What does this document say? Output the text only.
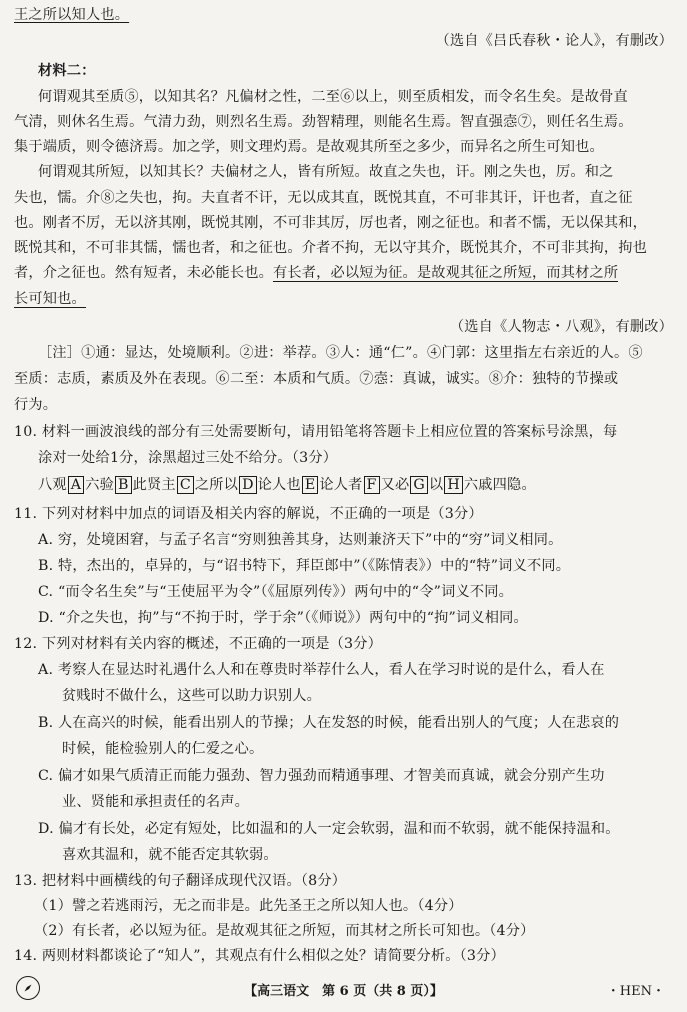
王之所以知人也。
（选自《吕氏春秋・论人》，有删改）
材料二：
何谓观其至质⑤，以知其名？凡偏材之性，二至⑥以上，则至质相发，而令名生矣。是故骨直
气清，则休名生焉。气清力劲，则烈名生焉。劲智精理，则能名生焉。智直强悫⑦，则任名生焉。
集于端质，则令德济焉。加之学，则文理灼焉。是故观其所至之多少，而异名之所生可知也。
何谓观其所短，以知其长？夫偏材之人，皆有所短。故直之失也，讦。刚之失也，厉。和之
失也，懦。介⑧之失也，拘。夫直者不讦，无以成其直，既悦其直，不可非其讦，讦也者，直之征
也。刚者不厉，无以济其刚，既悦其刚，不可非其厉，厉也者，刚之征也。和者不懦，无以保其和，
既悦其和，不可非其懦，懦也者，和之征也。介者不拘，无以守其介，既悦其介，不可非其拘，拘也
者，介之征也。然有短者，未必能长也。有长者，必以短为征。是故观其征之所短，而其材之所
长可知也。
（选自《人物志・八观》，有删改）
［注］①通：显达，处境顺利。②进：举荐。③人：通“仁”。④门郭：这里指左右亲近的人。⑤
至质：志质，素质及外在表现。⑥二至：本质和气质。⑦悫：真诚，诚实。⑧介：独特的节操或
行为。
10. 材料一画波浪线的部分有三处需要断句，请用铅笔将答题卡上相应位置的答案标号涂黑，每
涂对一处给1分，涂黑超过三处不给分。（3分）
八观 A 六验 B 此贤主 C 之所以 D 论人也 E 论人者 F 又必 G 以 H 六戚四隐。
11. 下列对材料中加点的词语及相关内容的解说，不正确的一项是（3分）
A. 穷，处境困窘，与孟子名言“穷则独善其身，达则兼济天下”中的“穷”词义相同。
B. 特，杰出的，卓异的，与“诏书特下，拜臣郎中”（《陈情表》）中的“特”词义不同。
C. “而令名生矣”与“王使屈平为令”（《屈原列传》）两句中的“令”词义不同。
D. “介之失也，拘”与“不拘于时，学于余”（《师说》）两句中的“拘”词义相同。
12. 下列对材料有关内容的概述，不正确的一项是（3分）
A. 考察人在显达时礼遇什么人和在尊贵时举荐什么人，看人在学习时说的是什么，看人在
贫贱时不做什么，这些可以助力识别人。
B. 人在高兴的时候，能看出别人的节操；人在发怒的时候，能看出别人的气度；人在悲哀的
时候，能检验别人的仁爱之心。
C. 偏才如果气质清正而能力强劲、智力强劲而精通事理、才智美而真诚，就会分别产生功
业、贤能和承担责任的名声。
D. 偏才有长处，必定有短处，比如温和的人一定会软弱，温和而不软弱，就不能保持温和。
喜欢其温和，就不能否定其软弱。
13. 把材料中画横线的句子翻译成现代汉语。（8分）
（1）譬之若逃雨污，无之而非是。此先圣王之所以知人也。（4分）
（2）有长者，必以短为征。是故观其征之所短，而其材之所长可知也。（4分）
14. 两则材料都谈论了“知人”，其观点有什么相似之处？请简要分析。（3分）
【高三语文　第 6 页（共 8 页）】	・HEN・
